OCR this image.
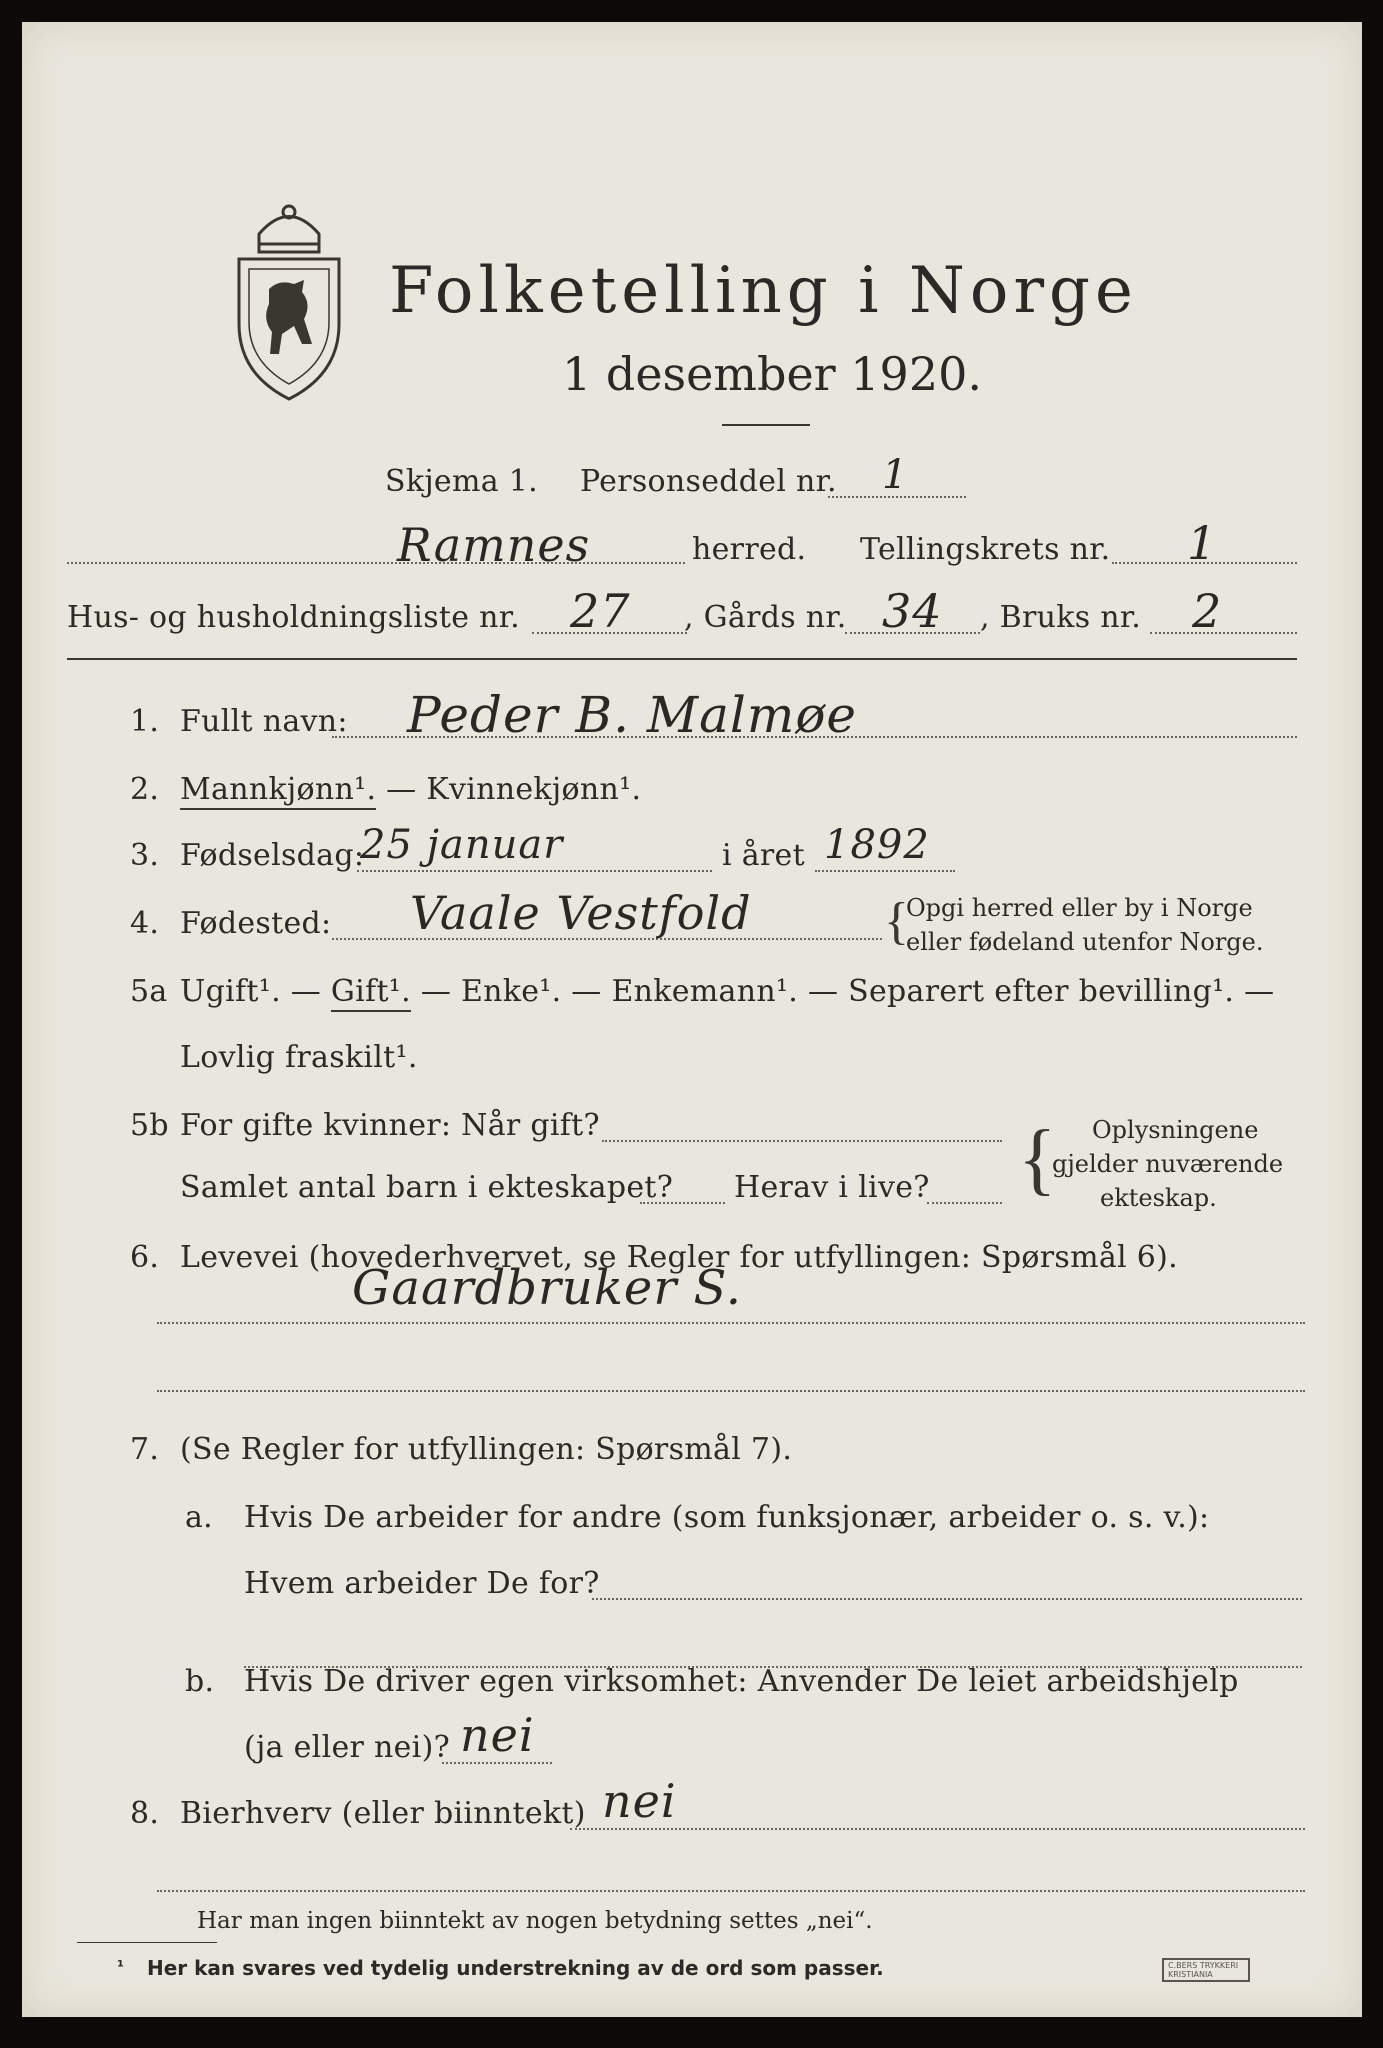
Folketelling i Norge
1 desember 1920.
Skjema 1. Personseddel nr. 1
Ramnes	herred. Tellingskrets nr. 1
Hus- og husholdningsliste nr. 27 , Gårds nr. 34 , Bruks nr. 2
1. Fullt navn: Peder B. Malmøe
2. Mannkjønn¹. — Kvinnekjønn¹.
3. Fødselsdag:
25 januar	i året 1892
4. Fødested: Vaale Vestfold	{
Opgi herred eller by i Norge
eller fødeland utenfor Norge.
5a Ugift¹. — Gift¹. — Enke¹. — Enkemann¹. — Separert efter bevilling¹. —
Lovlig fraskilt¹.
5b For gifte kvinner: Når gift?
Samlet antal barn i ekteskapet? Herav i live? { Oplysningene
gjelder nuværende
ekteskap.
6. Levevei (hovederhvervet, se Regler for utfyllingen: Spørsmål 6).
Gaardbruker S.
7. (Se Regler for utfyllingen: Spørsmål 7).
a. Hvis De arbeider for andre (som funksjonær, arbeider o. s. v.):
Hvem arbeider De for?
b. Hvis De driver egen virksomhet: Anvender De leiet arbeidshjelp
(ja eller nei)? nei
8. Bierhverv (eller biinntekt) nei
Har man ingen biinntekt av nogen betydning settes „nei“.
¹ Her kan svares ved tydelig understrekning av de ord som passer.	C.BERS TRYKKERI KRISTIANIA
